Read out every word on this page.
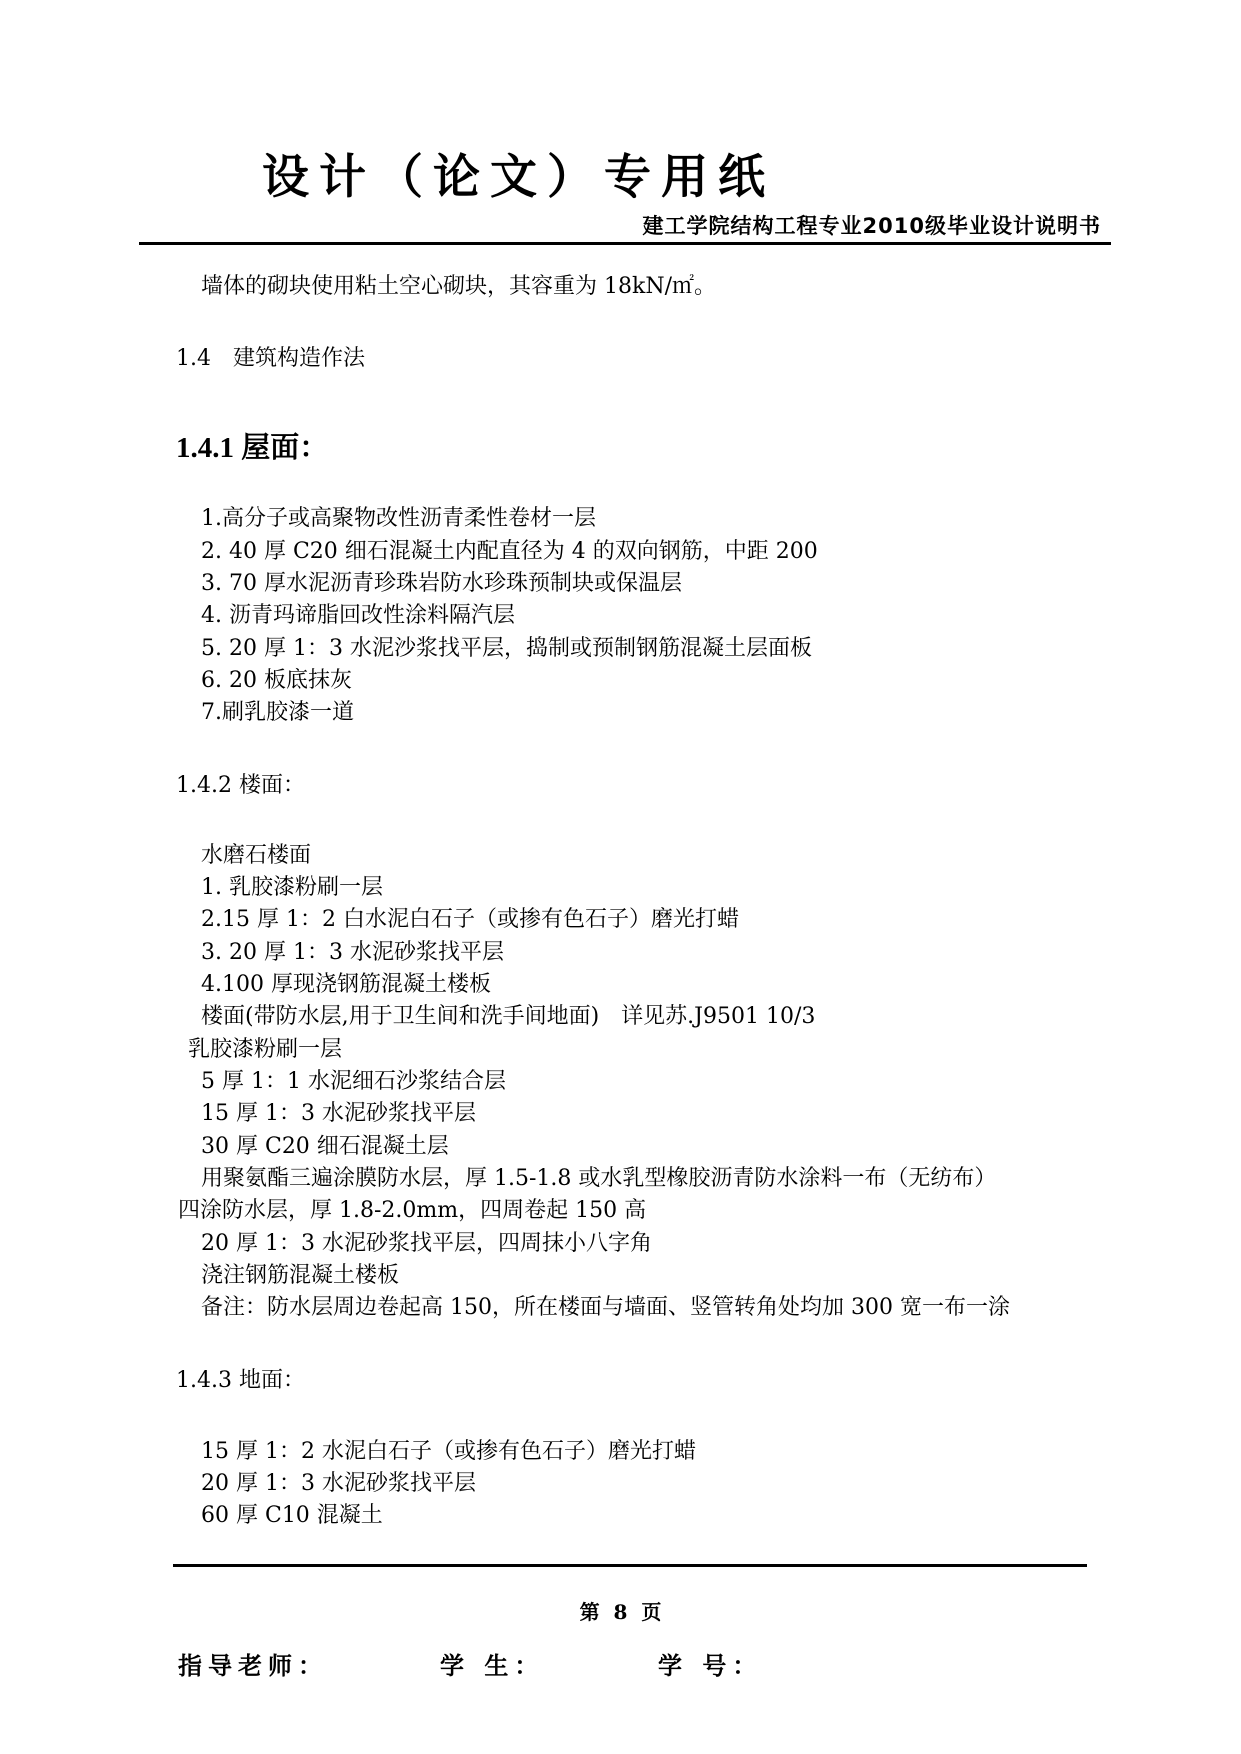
设计（论文）专用纸
建工学院结构工程专业2010级毕业设计说明书
墙体的砌块使用粘土空心砌块，其容重为 18kN/㎡。
1.4　建筑构造作法
1.4.1 屋面：
1.高分子或高聚物改性沥青柔性卷材一层
2. 40 厚 C20 细石混凝土内配直径为 4 的双向钢筋，中距 200
3. 70 厚水泥沥青珍珠岩防水珍珠预制块或保温层
4. 沥青玛谛脂回改性涂料隔汽层
5. 20 厚 1：3 水泥沙浆找平层，捣制或预制钢筋混凝土层面板
6. 20 板底抹灰
7.刷乳胶漆一道
1.4.2 楼面：
水磨石楼面
1. 乳胶漆粉刷一层
2.15 厚 1：2 白水泥白石子（或掺有色石子）磨光打蜡
3. 20 厚 1：3 水泥砂浆找平层
4.100 厚现浇钢筋混凝土楼板
楼面(带防水层,用于卫生间和洗手间地面)　详见苏.J9501 10/3
乳胶漆粉刷一层
5 厚 1：1 水泥细石沙浆结合层
15 厚 1：3 水泥砂浆找平层
30 厚 C20 细石混凝土层
用聚氨酯三遍涂膜防水层，厚 1.5-1.8 或水乳型橡胶沥青防水涂料一布（无纺布）
四涂防水层，厚 1.8-2.0mm，四周卷起 150 高
20 厚 1：3 水泥砂浆找平层，四周抹小八字角
浇注钢筋混凝土楼板
备注：防水层周边卷起高 150，所在楼面与墙面、竖管转角处均加 300 宽一布一涂
1.4.3 地面：
15 厚 1：2 水泥白石子（或掺有色石子）磨光打蜡
20 厚 1：3 水泥砂浆找平层
60 厚 C10 混凝土
第  8  页
指导老师：	学 生：	学 号：
